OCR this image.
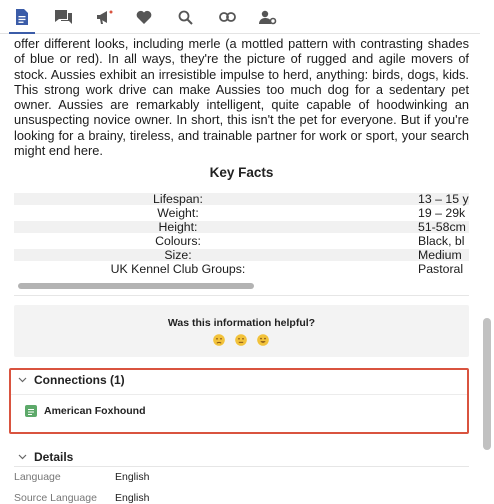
offer different looks, including merle (a mottled pattern with contrasting shades of blue or red). In all ways, they're the picture of rugged and agile movers of stock. Aussies exhibit an irresistible impulse to herd, anything: birds, dogs, kids. This strong work drive can make Aussies too much dog for a sedentary pet owner. Aussies are remarkably intelligent, quite capable of hoodwinking an unsuspecting novice owner. In short, this isn't the pet for everyone. But if you're looking for a brainy, tireless, and trainable partner for work or sport, your search might end here.

Key Facts
Lifespan:	13 – 15 y
Weight:	19 – 29k
Height:	51-58cm
Colours:	Black, bl
Size:	Medium
UK Kennel Club Groups:	Pastoral
Was this information helpful?
Connections (1)
American Foxhound
Details
Language	English
Source Language English
